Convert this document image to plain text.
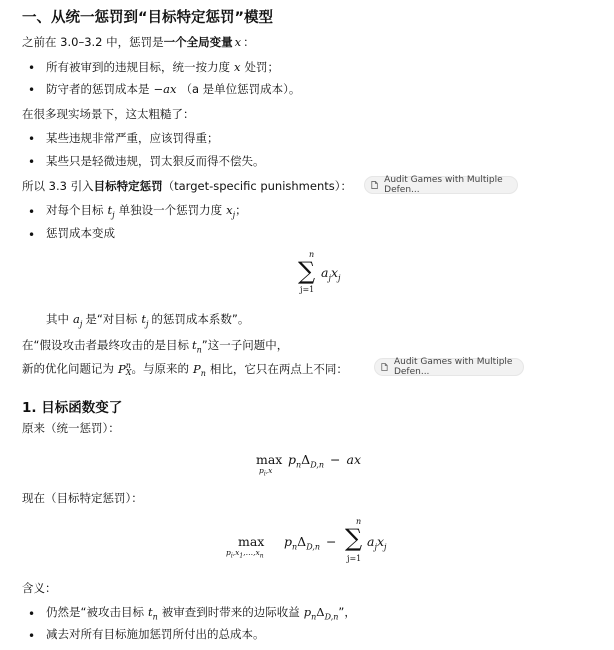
一、从统一惩罚到“目标特定惩罚”模型
之前在 3.0–3.2 中，惩罚是一个全局变量 x ：
• 所有被审到的违规目标，统一按力度 x 处罚；
• 防守者的惩罚成本是 −ax （a 是单位惩罚成本）。
在很多现实场景下，这太粗糙了：
• 某些违规非常严重，应该罚得重；
• 某些只是轻微违规，罚太狠反而得不偿失。
所以 3.3 引入目标特定惩罚（target-specific punishments）：	Audit Games with Multiple Defen...
• 对每个目标 $t_j$ 单独设一个惩罚力度 $x_j$；
• 惩罚成本变成
n
∑
j=1
$a_jx_j$
其中 $a_j$ 是“对目标 $t_j$ 的惩罚成本系数”。
在“假设攻击者最终攻击的是目标 $t_n$”这一子问题中，
新的优化问题记为 P n
X 。与原来的 $P_n$ 相比，它只在两点上不同：	Audit Games with Multiple Defen...
1. 目标函数变了
原来（统一惩罚）：
max
$p_i,x$
$p_n\Delta_{D,n}$ − ax
现在（目标特定惩罚）：
max
$p_i,x_1,\dots,x_n$
$p_n\Delta_{D,n}$ −
n
∑
j=1
$a_jx_j$
含义：
• 仍然是“被攻击目标 $t_n$ 被审查到时带来的边际收益 $p_n\Delta_{D,n}$”，
• 减去对所有目标施加惩罚所付出的总成本。
